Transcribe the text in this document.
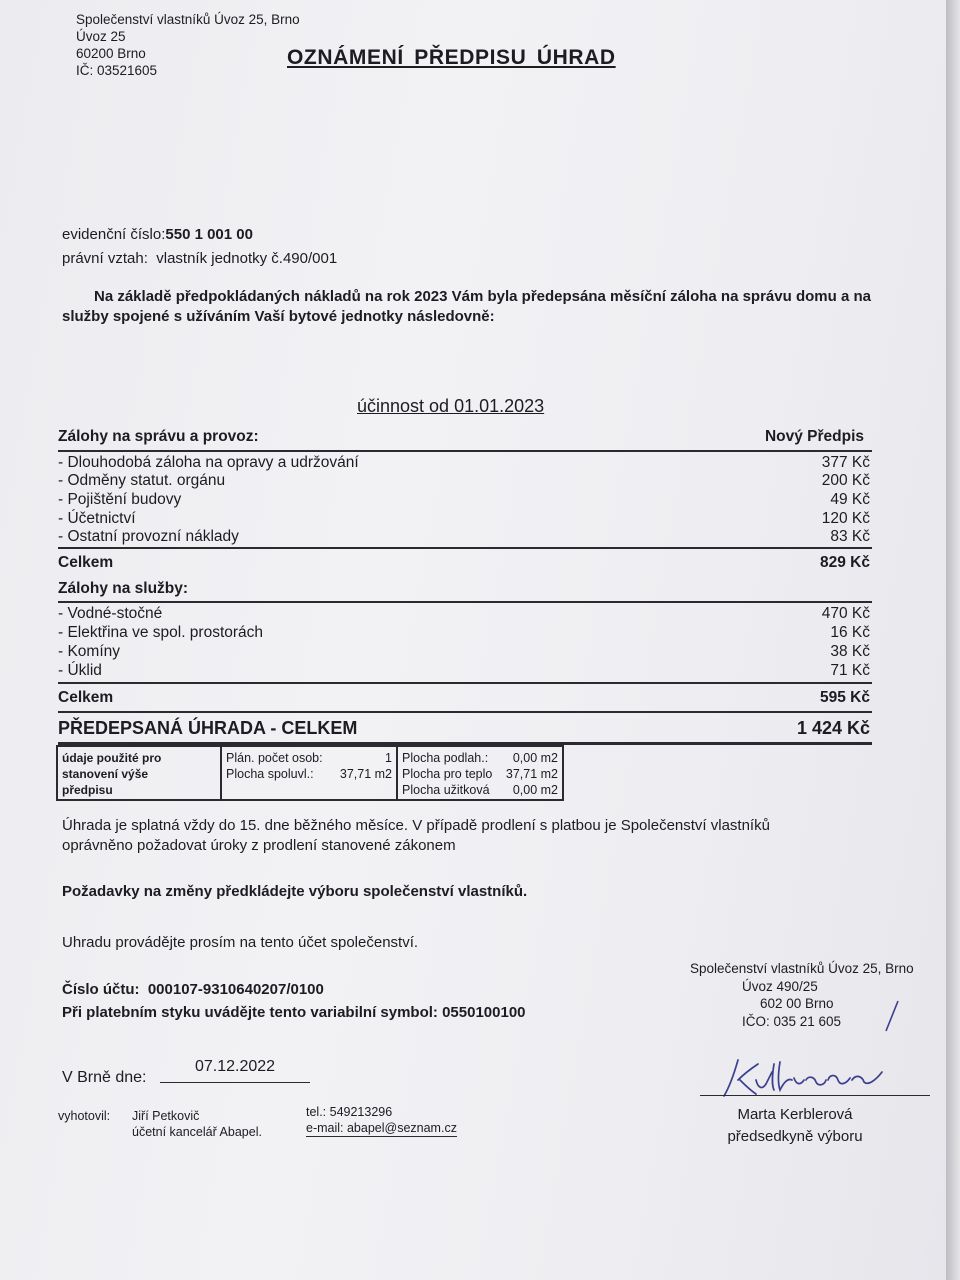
Společenství vlastníků Úvoz 25, Brno
Úvoz 25
60200 Brno
IČ: 03521605
OZNÁMENÍ PŘEDPISU ÚHRAD
evidenční číslo:550 1 001 00
právní vztah: vlastník jednotky č.490/001
Na základě předpokládaných nákladů na rok 2023 Vám byla předepsána měsíční záloha na správu domu a na služby spojené s užíváním Vaší bytové jednotky následovně:
účinnost od 01.01.2023
Zálohy na správu a provoz:	Nový Předpis
- Dlouhodobá záloha na opravy a udržování	377 Kč
- Odměny statut. orgánu	200 Kč
- Pojištění budovy	49 Kč
- Účetnictví	120 Kč
- Ostatní provozní náklady	83 Kč
Celkem	829 Kč
Zálohy na služby:
- Vodné-stočné	470 Kč
- Elektřina ve spol. prostorách	16 Kč
- Komíny	38 Kč
- Úklid	71 Kč
Celkem	595 Kč
PŘEDEPSANÁ ÚHRADA - CELKEM	1 424 Kč
údaje použité pro
stanovení výše
předpisu
Plán. počet osob:	1
Plocha spoluvl.: 37,71 m2
Plocha podlah.: 0,00 m2
Plocha pro teplo 37,71 m2
Plocha užitková 0,00 m2
Úhrada je splatná vždy do 15. dne běžného měsíce. V případě prodlení s platbou je Společenství vlastníků
oprávněno požadovat úroky z prodlení stanovené zákonem
Požadavky na změny předkládejte výboru společenství vlastníků.
Uhradu provádějte prosím na tento účet společenství.
Číslo účtu: 000107-9310640207/0100
Při platebním styku uvádějte tento variabilní symbol: 0550100100
Společenství vlastníků Úvoz 25, Brno
Úvoz 490/25
602 00 Brno
IČO: 035 21 605
V Brně dne:
07.12.2022
vyhotovil: Jiří Petkovič
účetní kancelář Abapel.
tel.: 549213296
e-mail: abapel@seznam.cz
Marta Kerblerová
předsedkyně výboru
